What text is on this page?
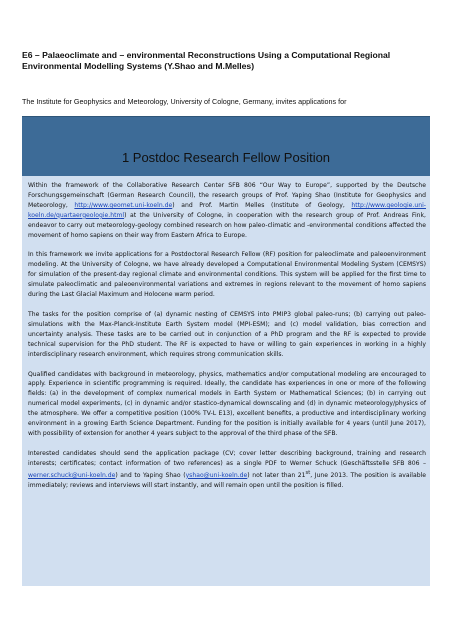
E6 – Palaeoclimate and – environmental Reconstructions Using a Computational Regional Environmental Modelling Systems (Y.Shao and M.Melles)
The Institute for Geophysics and Meteorology, University of Cologne, Germany, invites applications for
1 Postdoc Research Fellow Position

Within the framework of the Collaborative Research Center SFB 806 “Our Way to Europe”, supported by the Deutsche Forschungsgemeinschaft (German Research Council), the research groups of Prof. Yaping Shao (Institute for Geophysics and Meteorology, http://www.geomet.uni-koeln.de) and Prof. Martin Melles (Institute of Geology, http://www.geologie.uni-koeln.de/quartaergeologie.html) at the University of Cologne, in cooperation with the research group of Prof. Andreas Fink, endeavor to carry out meteorology-geology combined research on how paleo-climatic and -environmental conditions affected the movement of homo sapiens on their way from Eastern Africa to Europe.

In this framework we invite applications for a Postdoctoral Research Fellow (RF) position for paleoclimate and paleoenvironment modeling. At the University of Cologne, we have already developed a Computational Environmental Modeling System (CEMSYS) for simulation of the present-day regional climate and environmental conditions. This system will be applied for the first time to simulate paleoclimatic and paleoenvironmental variations and extremes in regions relevant to the movement of homo sapiens during the Last Glacial Maximum and Holocene warm period.

The tasks for the position comprise of (a) dynamic nesting of CEMSYS into PMIP3 global paleo-runs; (b) carrying out paleo-simulations with the Max-Planck-Institute Earth System model (MPI-ESM); and (c) model validation, bias correction and uncertainty analysis. These tasks are to be carried out in conjunction of a PhD program and the RF is expected to provide technical supervision for the PhD student. The RF is expected to have or willing to gain experiences in working in a highly interdisciplinary research environment, which requires strong communication skills.

Qualified candidates with background in meteorology, physics, mathematics and/or computational modeling are encouraged to apply. Experience in scientific programming is required. Ideally, the candidate has experiences in one or more of the following fields: (a) in the development of complex numerical models in Earth System or Mathematical Sciences; (b) in carrying out numerical model experiments, (c) in dynamic and/or stastico-dynamical downscaling and (d) in dynamic meteorology/physics of the atmosphere. We offer a competitive position (100% TV-L E13), excellent benefits, a productive and interdisciplinary working environment in a growing Earth Science Department. Funding for the position is initially available for 4 years (until June 2017), with possibility of extension for another 4 years subject to the approval of the third phase of the SFB.

Interested candidates should send the application package (CV; cover letter describing background, training and research interests; certificates; contact information of two references) as a single PDF to Werner Schuck (Geschäftsstelle SFB 806 – werner.schuck@uni-koeln.de) and to Yaping Shao (yshao@uni-koeln.de) not later than 21st, June 2013. The position is available immediately; reviews and interviews will start instantly, and will remain open until the position is filled.
